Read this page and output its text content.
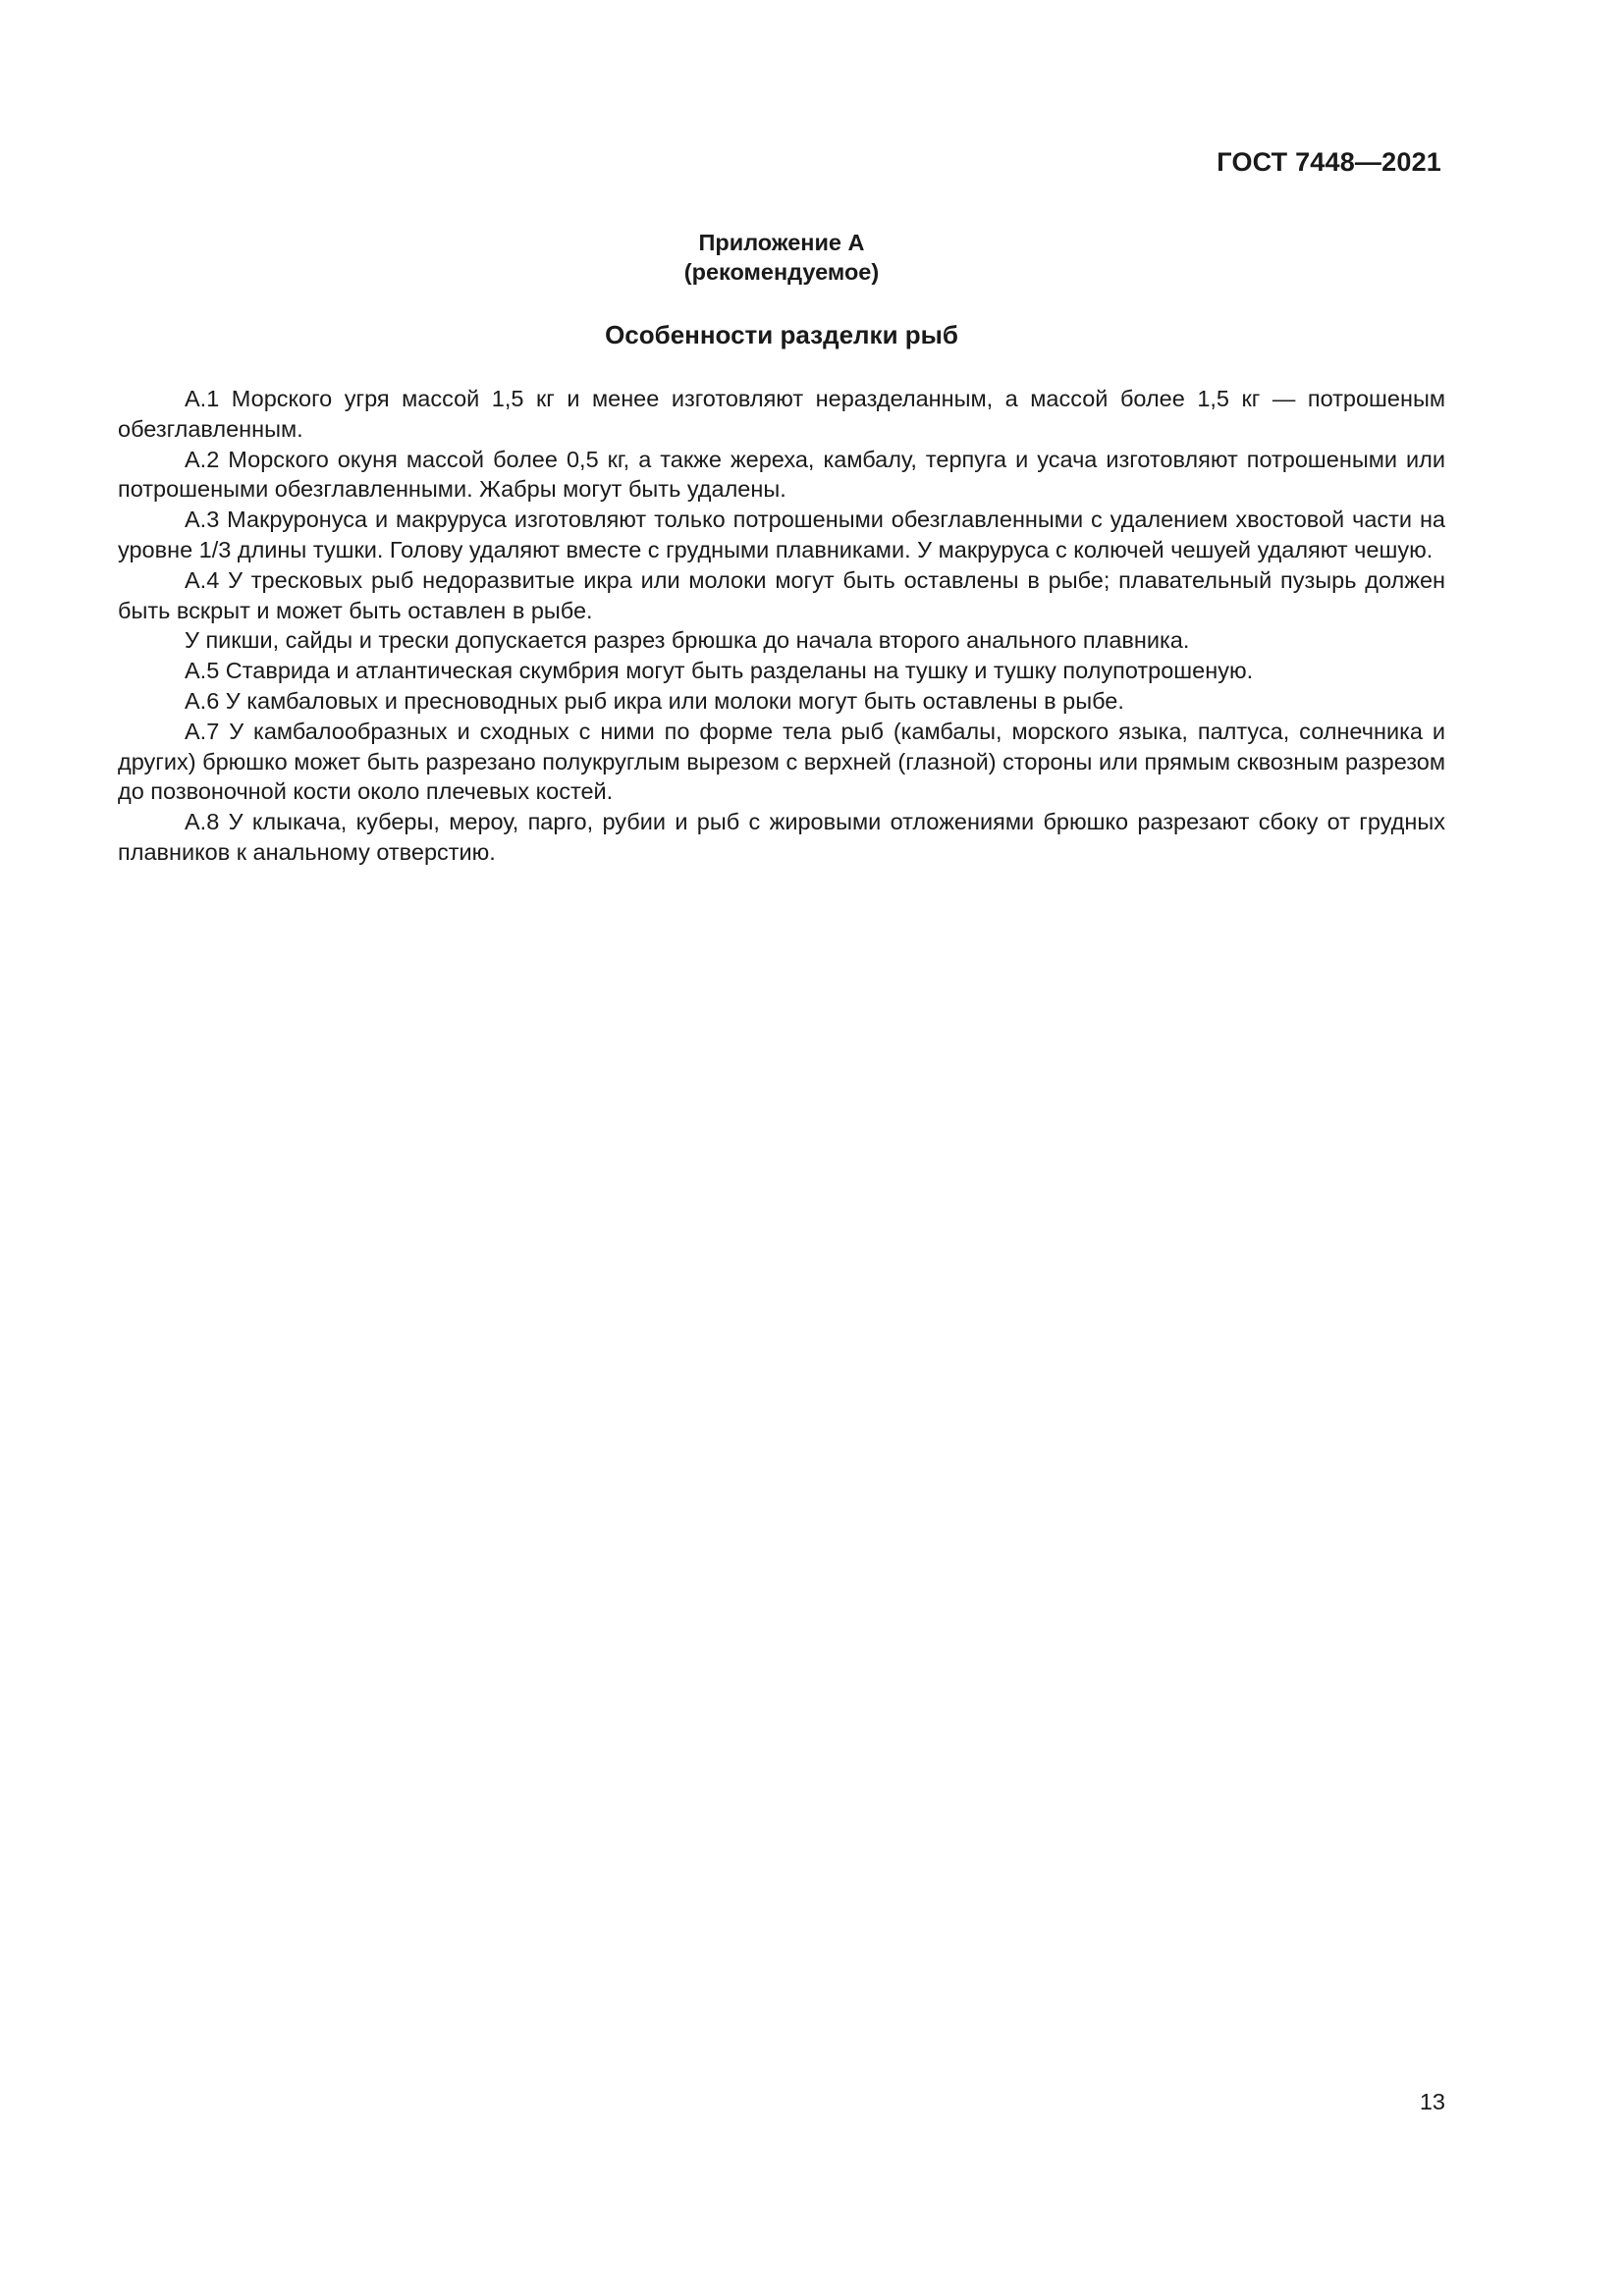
ГОСТ 7448—2021
Приложение А
(рекомендуемое)
Особенности разделки рыб

А.1 Морского угря массой 1,5 кг и менее изготовляют неразделанным, а массой более 1,5 кг — потрошеным обезглавленным.

А.2 Морского окуня массой более 0,5 кг, а также жереха, камбалу, терпуга и усача изготовляют потрошеными или потрошеными обезглавленными. Жабры могут быть удалены.

А.3 Макруронуса и макруруса изготовляют только потрошеными обезглавленными с удалением хвостовой части на уровне 1/3 длины тушки. Голову удаляют вместе с грудными плавниками. У макруруса с колючей чешуей удаляют чешую.

А.4 У тресковых рыб недоразвитые икра или молоки могут быть оставлены в рыбе; плавательный пузырь должен быть вскрыт и может быть оставлен в рыбе.

У пикши, сайды и трески допускается разрез брюшка до начала второго анального плавника.

А.5 Ставрида и атлантическая скумбрия могут быть разделаны на тушку и тушку полупотрошеную.

А.6 У камбаловых и пресноводных рыб икра или молоки могут быть оставлены в рыбе.

А.7 У камбалообразных и сходных с ними по форме тела рыб (камбалы, морского языка, палтуса, солнечника и других) брюшко может быть разрезано полукруглым вырезом с верхней (глазной) стороны или прямым сквозным разрезом до позвоночной кости около плечевых костей.

А.8 У клыкача, куберы, мероу, парго, рубии и рыб с жировыми отложениями брюшко разрезают сбоку от грудных плавников к анальному отверстию.

13
